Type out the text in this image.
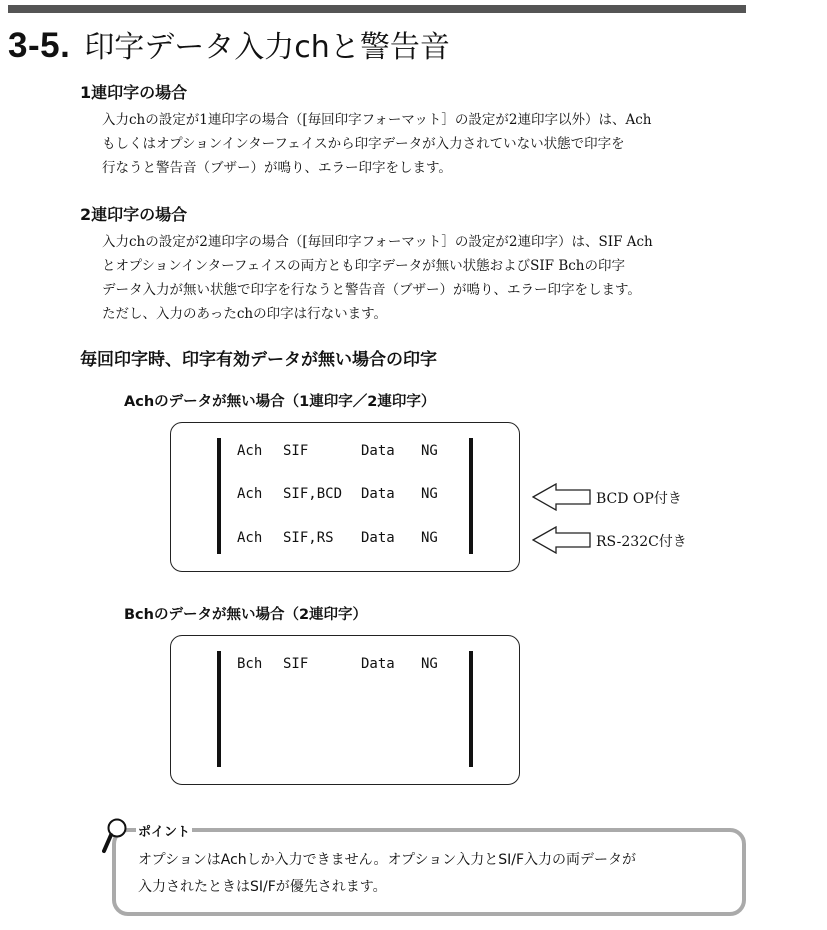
3-5. 印字データ入力chと警告音
1連印字の場合
入力chの設定が1連印字の場合（[毎回印字フォーマット］の設定が2連印字以外）は、Ach
もしくはオプションインターフェイスから印字データが入力されていない状態で印字を
行なうと警告音（ブザー）が鳴り、エラー印字をします。
2連印字の場合
入力chの設定が2連印字の場合（[毎回印字フォーマット］の設定が2連印字）は、SIF Ach
とオプションインターフェイスの両方とも印字データが無い状態およびSIF Bchの印字
データ入力が無い状態で印字を行なうと警告音（ブザー）が鳴り、エラー印字をします。
ただし、入力のあったchの印字は行ないます。
毎回印字時、印字有効データが無い場合の印字
Achのデータが無い場合（1連印字／2連印字）
Ach	SIF	Data	NG
Ach	SIF,BCD	Data	NG
Ach	SIF,RS	Data	NG
BCD OP付き
RS-232C付き
Bchのデータが無い場合（2連印字）
Bch	SIF	Data	NG
ポイント
オプションはAchしか入力できません。オプション入力とSI/F入力の両データが
入力されたときはSI/Fが優先されます。
